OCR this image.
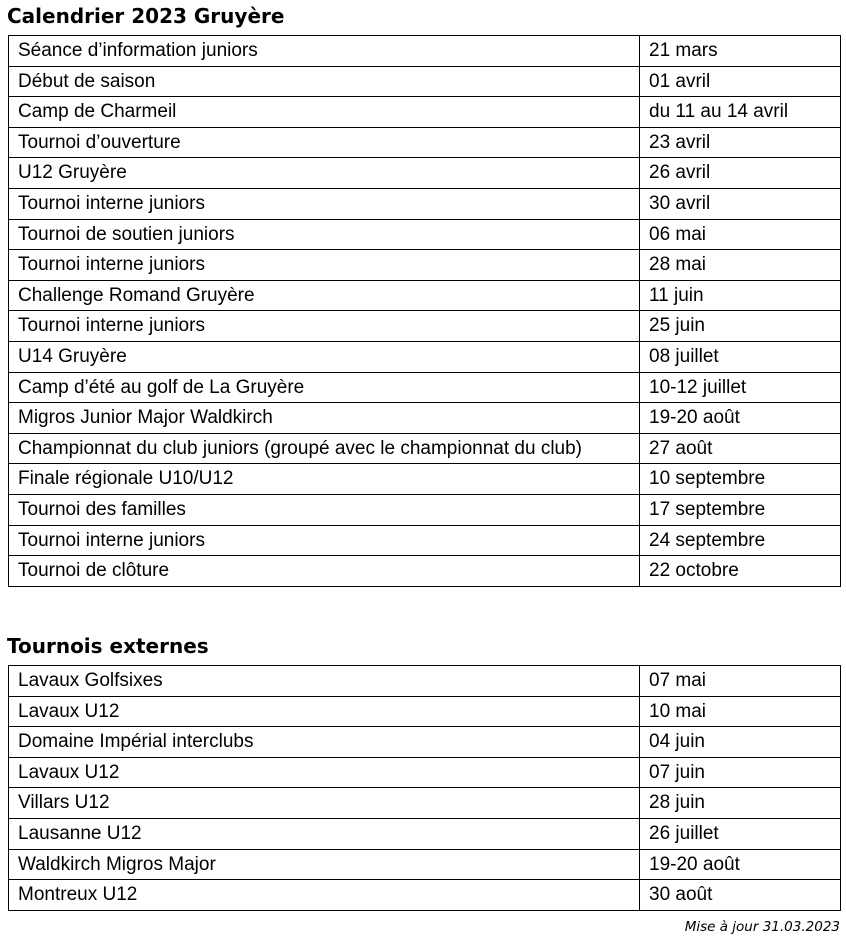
Calendrier 2023 Gruyère
Séance d’information juniors	21 mars
Début de saison	01 avril
Camp de Charmeil	du 11 au 14 avril
Tournoi d’ouverture	23 avril
U12 Gruyère	26 avril
Tournoi interne juniors	30 avril
Tournoi de soutien juniors	06 mai
Tournoi interne juniors	28 mai
Challenge Romand Gruyère	11 juin
Tournoi interne juniors	25 juin
U14 Gruyère	08 juillet
Camp d’été au golf de La Gruyère	10-12 juillet
Migros Junior Major Waldkirch	19-20 août
Championnat du club juniors (groupé avec le championnat du club)	27 août
Finale régionale U10/U12	10 septembre
Tournoi des familles	17 septembre
Tournoi interne juniors	24 septembre
Tournoi de clôture	22 octobre
Tournois externes
Lavaux Golfsixes	07 mai
Lavaux U12	10 mai
Domaine Impérial interclubs	04 juin
Lavaux U12	07 juin
Villars U12	28 juin
Lausanne U12	26 juillet
Waldkirch Migros Major	19-20 août
Montreux U12	30 août
Mise à jour 31.03.2023
